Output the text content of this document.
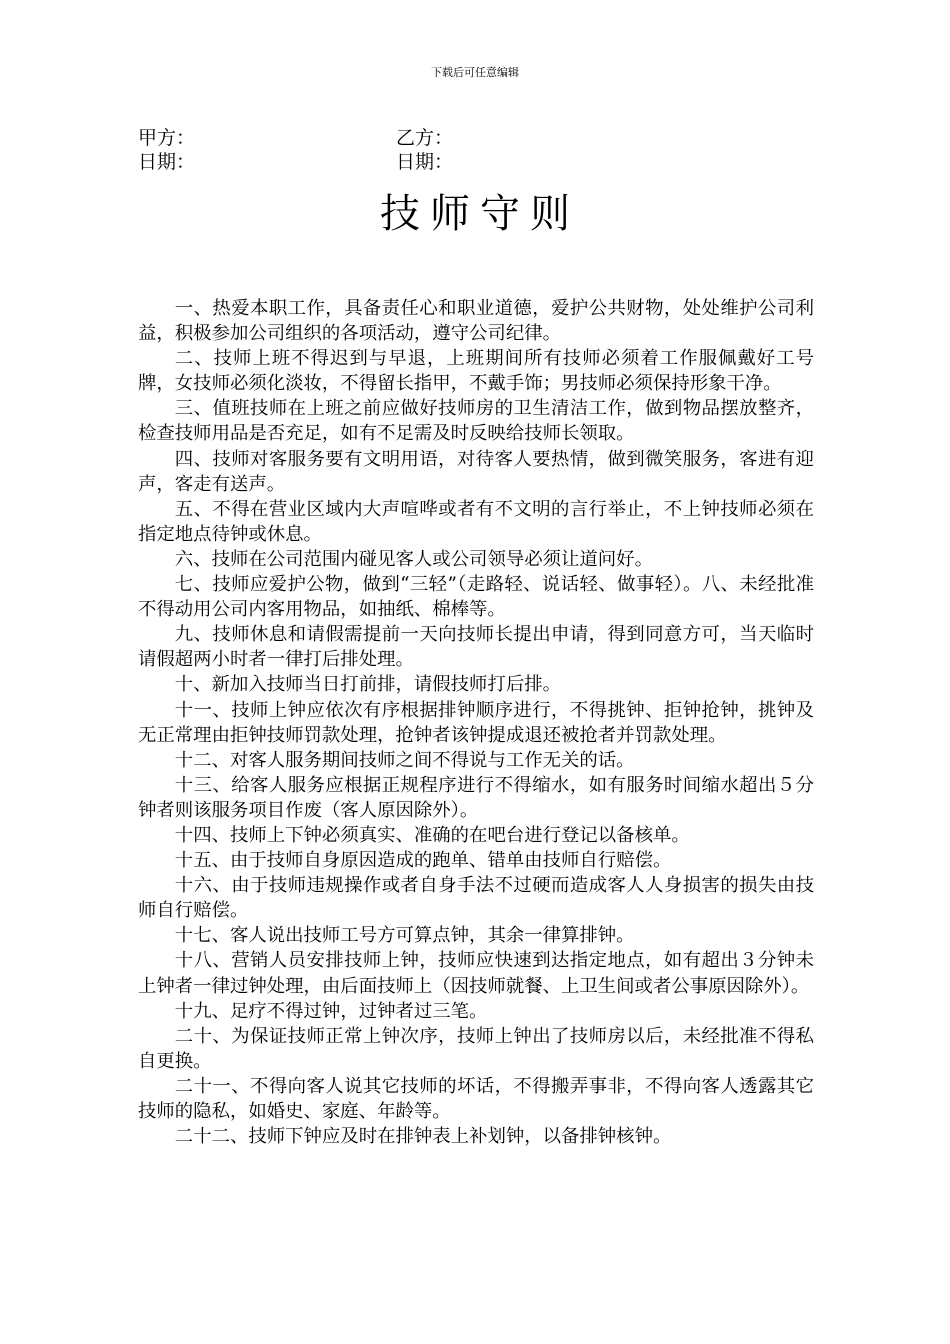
下载后可任意编辑
甲方：	乙方：
日期：	日期：
技师守则

一、热爱本职工作，具备责任心和职业道德，爱护公共财物，处处维护公司利益，积极参加公司组织的各项活动，遵守公司纪律。

二、技师上班不得迟到与早退，上班期间所有技师必须着工作服佩戴好工号牌，女技师必须化淡妆，不得留长指甲，不戴手饰；男技师必须保持形象干净。

三、值班技师在上班之前应做好技师房的卫生清洁工作，做到物品摆放整齐，检查技师用品是否充足，如有不足需及时反映给技师长领取。

四、技师对客服务要有文明用语，对待客人要热情，做到微笑服务，客进有迎声，客走有送声。

五、不得在营业区域内大声喧哗或者有不文明的言行举止，不上钟技师必须在指定地点待钟或休息。

六、技师在公司范围内碰见客人或公司领导必须让道问好。

七、技师应爱护公物，做到“三轻”（走路轻、说话轻、做事轻）。八、未经批准不得动用公司内客用物品，如抽纸、棉棒等。

九、技师休息和请假需提前一天向技师长提出申请，得到同意方可，当天临时请假超两小时者一律打后排处理。

十、新加入技师当日打前排，请假技师打后排。

十一、技师上钟应依次有序根据排钟顺序进行，不得挑钟、拒钟抢钟，挑钟及无正常理由拒钟技师罚款处理，抢钟者该钟提成退还被抢者并罚款处理。

十二、对客人服务期间技师之间不得说与工作无关的话。

十三、给客人服务应根据正规程序进行不得缩水，如有服务时间缩水超出５分钟者则该服务项目作废（客人原因除外）。

十四、技师上下钟必须真实、准确的在吧台进行登记以备核单。

十五、由于技师自身原因造成的跑单、错单由技师自行赔偿。

十六、由于技师违规操作或者自身手法不过硬而造成客人人身损害的损失由技师自行赔偿。

十七、客人说出技师工号方可算点钟，其余一律算排钟。

十八、营销人员安排技师上钟，技师应快速到达指定地点，如有超出３分钟未上钟者一律过钟处理，由后面技师上（因技师就餐、上卫生间或者公事原因除外）。

十九、足疗不得过钟，过钟者过三笔。

二十、为保证技师正常上钟次序，技师上钟出了技师房以后，未经批准不得私自更换。

二十一、不得向客人说其它技师的坏话，不得搬弄事非，不得向客人透露其它技师的隐私，如婚史、家庭、年龄等。

二十二、技师下钟应及时在排钟表上补划钟，以备排钟核钟。
